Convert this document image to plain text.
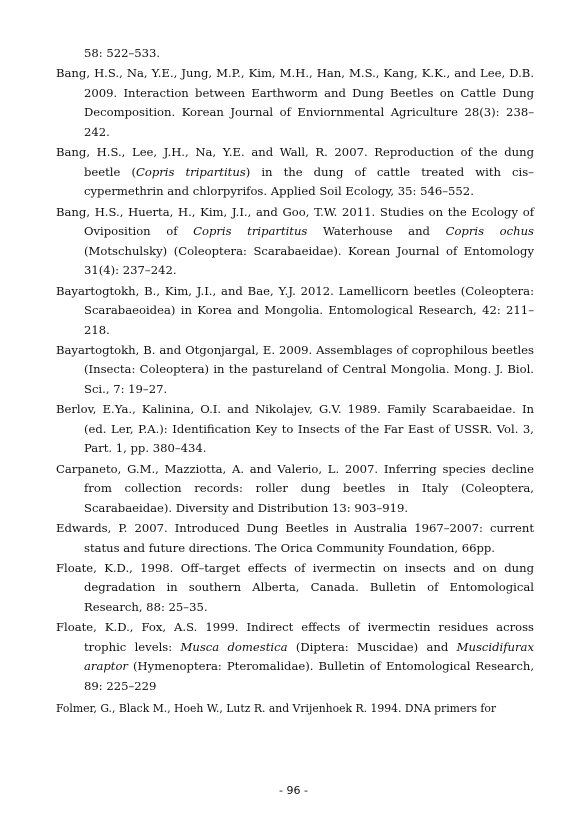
58: 522–533.

Bang, H.S., Na, Y.E., Jung, M.P., Kim, M.H., Han, M.S., Kang, K.K., and Lee, D.B. 2009. Interaction between Earthworm and Dung Beetles on Cattle Dung Decomposition. Korean Journal of Enviornmental Agriculture 28(3): 238–242.

Bang, H.S., Lee, J.H., Na, Y.E. and Wall, R. 2007. Reproduction of the dung beetle (Copris tripartitus) in the dung of cattle treated with cis–cypermethrin and chlorpyrifos. Applied Soil Ecology, 35: 546–552.

Bang, H.S., Huerta, H., Kim, J.I., and Goo, T.W. 2011. Studies on the Ecology of Oviposition of Copris tripartitus Waterhouse and Copris ochus (Motschulsky) (Coleoptera: Scarabaeidae). Korean Journal of Entomology 31(4): 237–242.

Bayartogtokh, B., Kim, J.I., and Bae, Y.J. 2012. Lamellicorn beetles (Coleoptera: Scarabaeoidea) in Korea and Mongolia. Entomological Research, 42: 211–218.

Bayartogtokh, B. and Otgonjargal, E. 2009. Assemblages of coprophilous beetles (Insecta: Coleoptera) in the pastureland of Central Mongolia. Mong. J. Biol. Sci., 7: 19–27.

Berlov, E.Ya., Kalinina, O.I. and Nikolajev, G.V. 1989. Family Scarabaeidae. In (ed. Ler, P.A.): Identification Key to Insects of the Far East of USSR. Vol. 3, Part. 1, pp. 380–434.

Carpaneto, G.M., Mazziotta, A. and Valerio, L. 2007. Inferring species decline from collection records: roller dung beetles in Italy (Coleoptera, Scarabaeidae). Diversity and Distribution 13: 903–919.

Edwards, P. 2007. Introduced Dung Beetles in Australia 1967–2007: current status and future directions. The Orica Community Foundation, 66pp.

Floate, K.D., 1998. Off–target effects of ivermectin on insects and on dung degradation in southern Alberta, Canada. Bulletin of Entomological Research, 88: 25–35.

Floate, K.D., Fox, A.S. 1999. Indirect effects of ivermectin residues across trophic levels: Musca domestica (Diptera: Muscidae) and Muscidifurax araptor (Hymenoptera: Pteromalidae). Bulletin of Entomological Research, 89: 225–229

Folmer, G., Black M., Hoeh W., Lutz R. and Vrijenhoek R. 1994. DNA primers for

- 96 -
